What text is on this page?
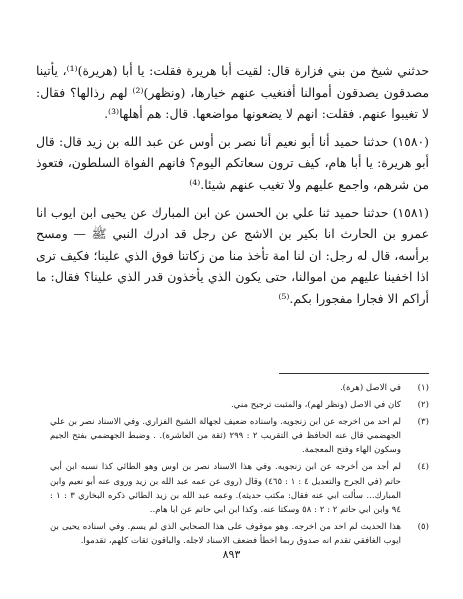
حدثني شيخ من بني فزارة قال: لقيت أبا هريرة فقلت: يا أبا (هريرة)⁽¹⁾، يأتينا مصدقون يصدقون أموالنا أفنغيب عنهم خيارها، (ونظهر)⁽²⁾ لهم رذالها؟ فقال: لا تغيبوا عنهم. فقلت: انهم لا يضعونها مواضعها. قال: هم أهلها⁽³⁾.

(١٥٨٠) حدثنا حميد أنا أبو نعيم أنا نصر بن أوس عن عبد الله بن زيد قال: قال أبو هريرة: يا أبا هام، كيف ترون سعاتكم اليوم؟ فانهم الفواة السلطون، فتعوذ من شرهم، واجمع عليهم ولا تغيب عنهم شيئا.⁽⁴⁾

(١٥٨١) حدثنا حميد ثنا علي بن الحسن عن ابن المبارك عن يحيى ابن ايوب انا عمرو بن الحارث انا بكير بن الاشج عن رجل قد ادرك النبي ﷺ — ومسح برأسه، قال له رجل: ان لنا امة تأخذ منا من زكاتنا فوق الذي علينا؛ فكيف ترى اذا اخفينا عليهم من اموالنا، حتى يكون الذي يأخذون قدر الذي علينا؟ فقال: ما أراكم الا فجارا مفجورا بكم.⁽⁵⁾

(١)
في الاصل (هرة).
(٢)
كان في الاصل (ونظر لهم)، والمثبت ترجيح مني.
(٣)
لم احد من اخرجه عن ابن زنجويه. واسناده ضعيف لجهالة الشيخ الفزاري. وفي الاسناد نصر بن علي الجهضمي قال عنه الحافظ في التقريب ٢ : ٢٩٩ (ثقة من العاشرة). . وضبط الجهضمي بفتح الجيم وسكون الهاء وفتح المعجمة.
(٤)
لم أجد من أخرجه عن ابن زنجويه. وفي هذا الاسناد نصر بن اوس وهو الطائي كذا نسبه ابن أبي حاتم (في الجرح والتعديل ٤ : ١ : ٤٦٥) وقال (روى عن عمه عبد الله بن زيد وروى عنه أبو نعيم وابن المبارك... سألت ابي عنه فقال: مكتب حديثه). وعمه عبد الله بن زيد الطائي ذكره البخاري ٣ : ١ : ٩٤ وابن ابي حاتم ٢ : ٢ : ٥٨ وسكتا عنه. وكذا ابن ابي حاتم عن ابا هام..
(٥)
هذا الحديث لم احد من اخرجه. وهو موقوف على هذا الصحابي الذي لم يسم. وفي اسناده يحيى بن ايوب الغافقي تقدم انه صدوق ربما اخطأ فضعف الاسناد لاجله. والباقون ثقات كلهم، تقدموا.
٨٩٣
